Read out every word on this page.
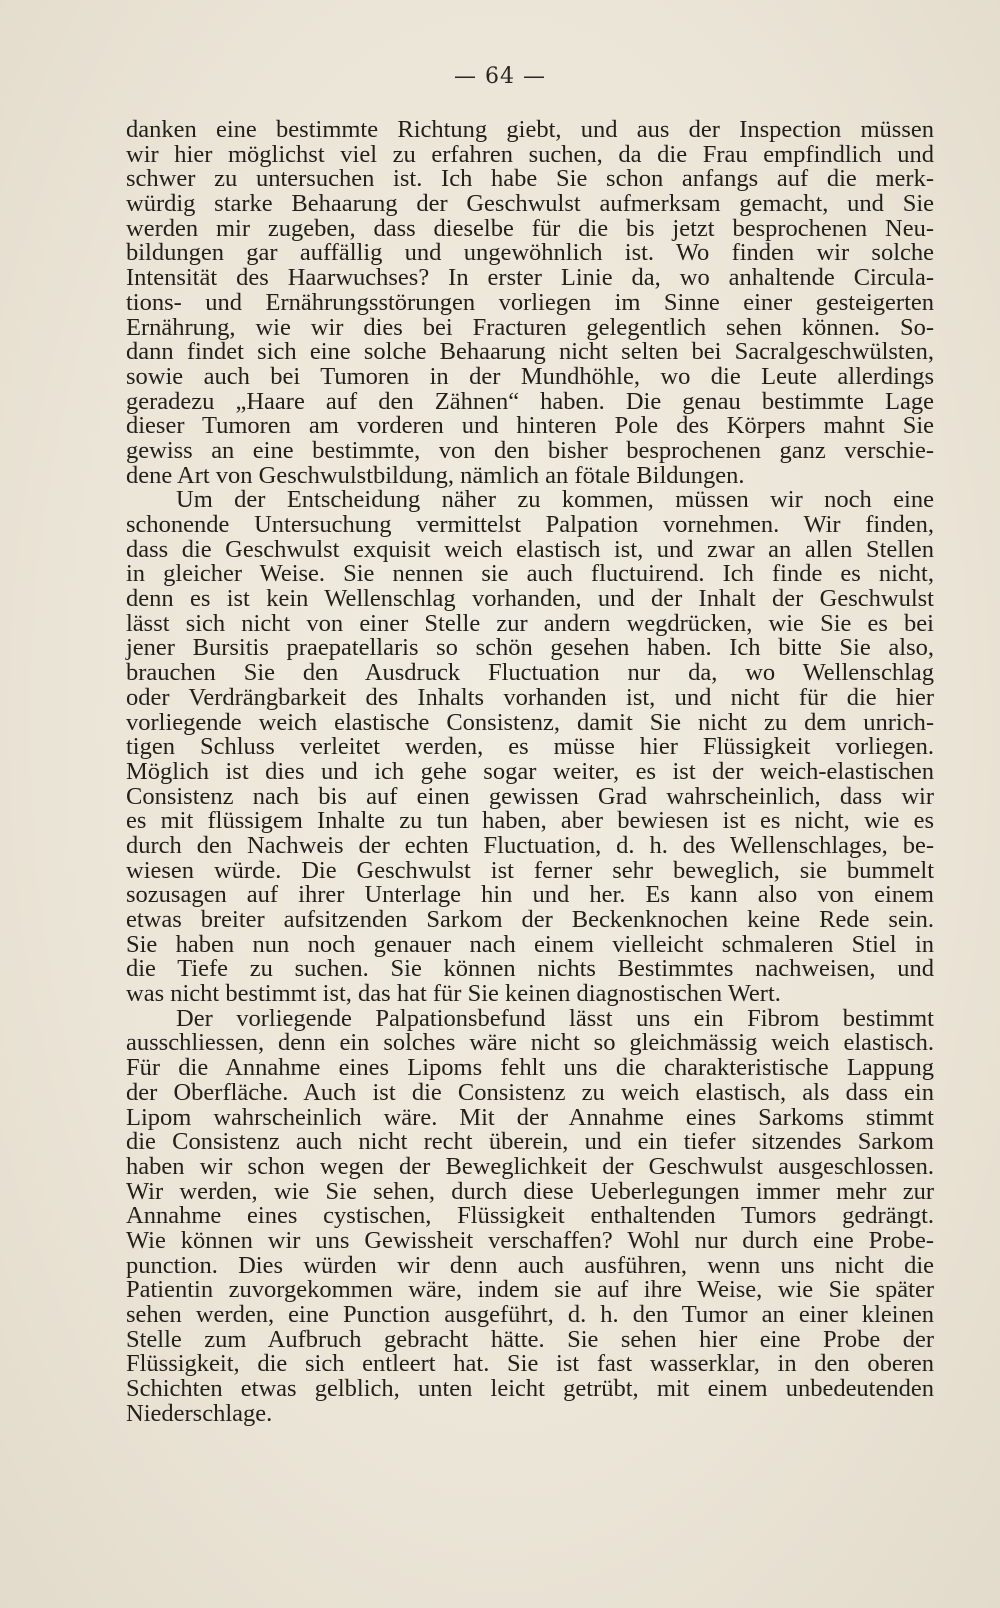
— 64 —
danken eine bestimmte Richtung giebt, und aus der Inspection müssen
wir hier möglichst viel zu erfahren suchen, da die Frau empfindlich und
schwer zu untersuchen ist. Ich habe Sie schon anfangs auf die merk-
würdig starke Behaarung der Geschwulst aufmerksam gemacht, und Sie
werden mir zugeben, dass dieselbe für die bis jetzt besprochenen Neu-
bildungen gar auffällig und ungewöhnlich ist. Wo finden wir solche
Intensität des Haarwuchses? In erster Linie da, wo anhaltende Circula-
tions- und Ernährungsstörungen vorliegen im Sinne einer gesteigerten
Ernährung, wie wir dies bei Fracturen gelegentlich sehen können. So-
dann findet sich eine solche Behaarung nicht selten bei Sacralgeschwülsten,
sowie auch bei Tumoren in der Mundhöhle, wo die Leute allerdings
geradezu „Haare auf den Zähnen“ haben. Die genau bestimmte Lage
dieser Tumoren am vorderen und hinteren Pole des Körpers mahnt Sie
gewiss an eine bestimmte, von den bisher besprochenen ganz verschie-
dene Art von Geschwulstbildung, nämlich an fötale Bildungen.
Um der Entscheidung näher zu kommen, müssen wir noch eine
schonende Untersuchung vermittelst Palpation vornehmen. Wir finden,
dass die Geschwulst exquisit weich elastisch ist, und zwar an allen Stellen
in gleicher Weise. Sie nennen sie auch fluctuirend. Ich finde es nicht,
denn es ist kein Wellenschlag vorhanden, und der Inhalt der Geschwulst
lässt sich nicht von einer Stelle zur andern wegdrücken, wie Sie es bei
jener Bursitis praepatellaris so schön gesehen haben. Ich bitte Sie also,
brauchen Sie den Ausdruck Fluctuation nur da, wo Wellenschlag
oder Verdrängbarkeit des Inhalts vorhanden ist, und nicht für die hier
vorliegende weich elastische Consistenz, damit Sie nicht zu dem unrich-
tigen Schluss verleitet werden, es müsse hier Flüssigkeit vorliegen.
Möglich ist dies und ich gehe sogar weiter, es ist der weich-elastischen
Consistenz nach bis auf einen gewissen Grad wahrscheinlich, dass wir
es mit flüssigem Inhalte zu tun haben, aber bewiesen ist es nicht, wie es
durch den Nachweis der echten Fluctuation, d. h. des Wellenschlages, be-
wiesen würde. Die Geschwulst ist ferner sehr beweglich, sie bummelt
sozusagen auf ihrer Unterlage hin und her. Es kann also von einem
etwas breiter aufsitzenden Sarkom der Beckenknochen keine Rede sein.
Sie haben nun noch genauer nach einem vielleicht schmaleren Stiel in
die Tiefe zu suchen. Sie können nichts Bestimmtes nachweisen, und
was nicht bestimmt ist, das hat für Sie keinen diagnostischen Wert.
Der vorliegende Palpationsbefund lässt uns ein Fibrom bestimmt
ausschliessen, denn ein solches wäre nicht so gleichmässig weich elastisch.
Für die Annahme eines Lipoms fehlt uns die charakteristische Lappung
der Oberfläche. Auch ist die Consistenz zu weich elastisch, als dass ein
Lipom wahrscheinlich wäre. Mit der Annahme eines Sarkoms stimmt
die Consistenz auch nicht recht überein, und ein tiefer sitzendes Sarkom
haben wir schon wegen der Beweglichkeit der Geschwulst ausgeschlossen.
Wir werden, wie Sie sehen, durch diese Ueberlegungen immer mehr zur
Annahme eines cystischen, Flüssigkeit enthaltenden Tumors gedrängt.
Wie können wir uns Gewissheit verschaffen? Wohl nur durch eine Probe-
punction. Dies würden wir denn auch ausführen, wenn uns nicht die
Patientin zuvorgekommen wäre, indem sie auf ihre Weise, wie Sie später
sehen werden, eine Punction ausgeführt, d. h. den Tumor an einer kleinen
Stelle zum Aufbruch gebracht hätte. Sie sehen hier eine Probe der
Flüssigkeit, die sich entleert hat. Sie ist fast wasserklar, in den oberen
Schichten etwas gelblich, unten leicht getrübt, mit einem unbedeutenden
Niederschlage.
